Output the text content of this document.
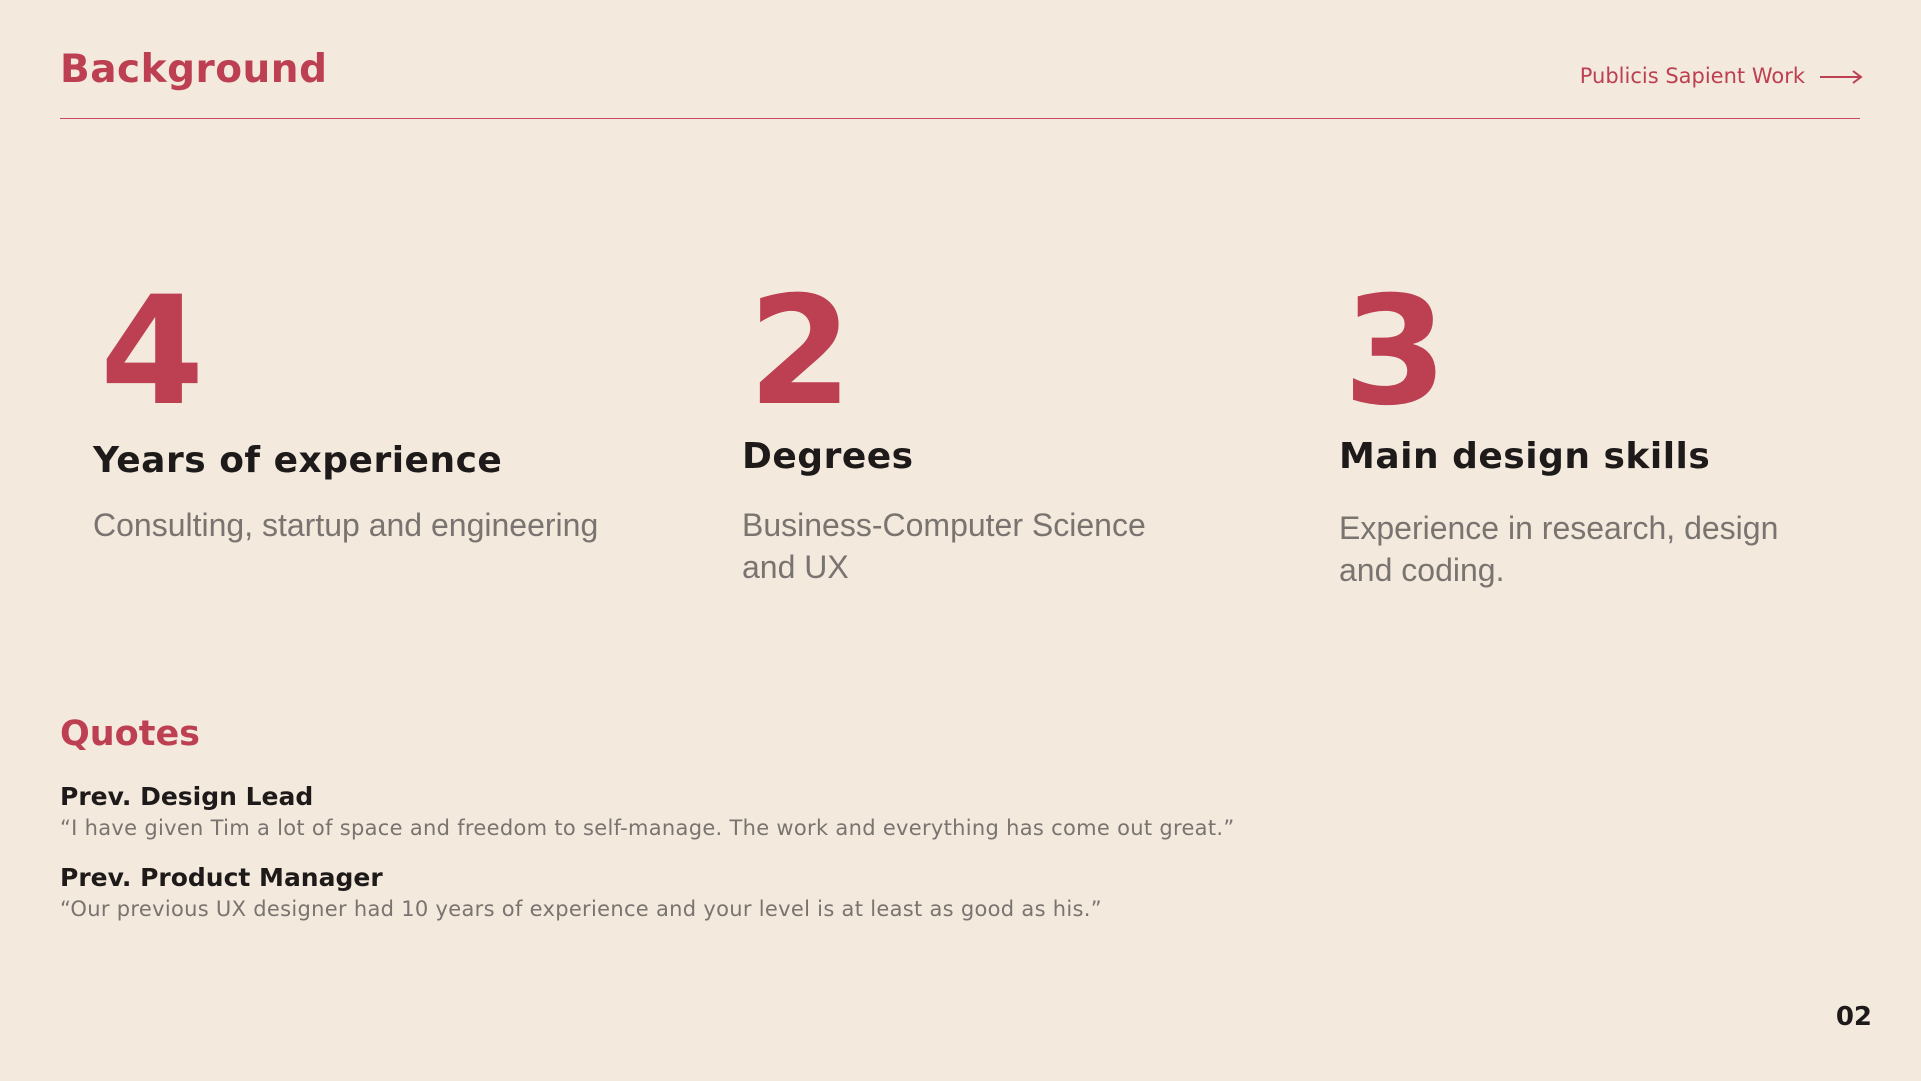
Background	Publicis Sapient Work
4
Years of experience
Consulting, startup and engineering
2
Degrees
Business-Computer Science
and UX
3
Main design skills
Experience in research, design
and coding.
Quotes
Prev. Design Lead
“I have given Tim a lot of space and freedom to self-manage. The work and everything has come out great.”
Prev. Product Manager
“Our previous UX designer had 10 years of experience and your level is at least as good as his.”
02
